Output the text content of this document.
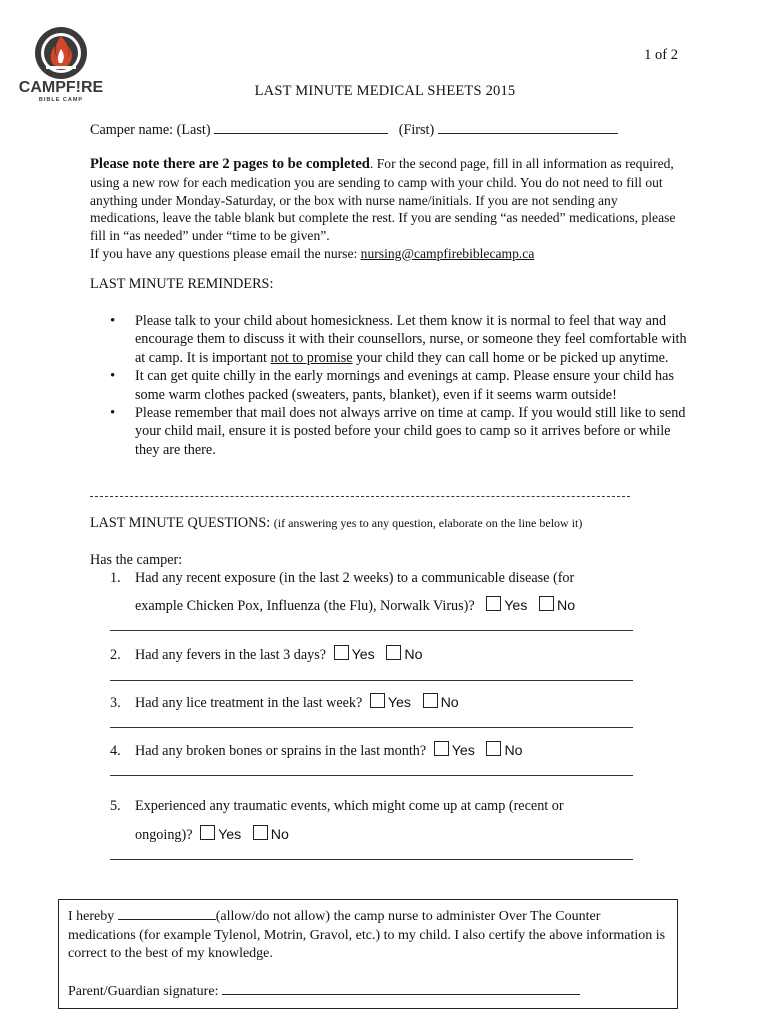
CAMPF!RE
BIBLE CAMP
1 of 2
LAST MINUTE MEDICAL SHEETS 2015
Camper name: (Last)	(First)
Please note there are 2 pages to be completed. For the second page, fill in all information as required, using a new row for each medication you are sending to camp with your child. You do not need to fill out anything under Monday-Saturday, or the box with nurse name/initials. If you are not sending any medications, leave the table blank but complete the rest. If you are sending “as needed” medications, please fill in “as needed” under “time to be given”.
If you have any questions please email the nurse: nursing@campfirebiblecamp.ca
LAST MINUTE REMINDERS:
• Please talk to your child about homesickness. Let them know it is normal to feel that way and encourage them to discuss it with their counsellors, nurse, or someone they feel comfortable with at camp. It is important not to promise your child they can call home or be picked up anytime.
• It can get quite chilly in the early mornings and evenings at camp. Please ensure your child has some warm clothes packed (sweaters, pants, blanket), even if it seems warm outside!
• Please remember that mail does not always arrive on time at camp. If you would still like to send your child mail, ensure it is posted before your child goes to camp so it arrives before or while they are there.
LAST MINUTE QUESTIONS: (if answering yes to any question, elaborate on the line below it)
Has the camper:
1. Had any recent exposure (in the last 2 weeks) to a communicable disease (for
example Chicken Pox, Influenza (the Flu), Norwalk Virus)? Yes No
2. Had any fevers in the last 3 days? Yes No
3. Had any lice treatment in the last week? Yes No
4. Had any broken bones or sprains in the last month? Yes No
5. Experienced any traumatic events, which might come up at camp (recent or
ongoing)? Yes No
I hereby	(allow/do not allow) the camp nurse to administer Over The Counter medications (for example Tylenol, Motrin, Gravol, etc.) to my child. I also certify the above information is correct to the best of my knowledge.
Parent/Guardian signature:
